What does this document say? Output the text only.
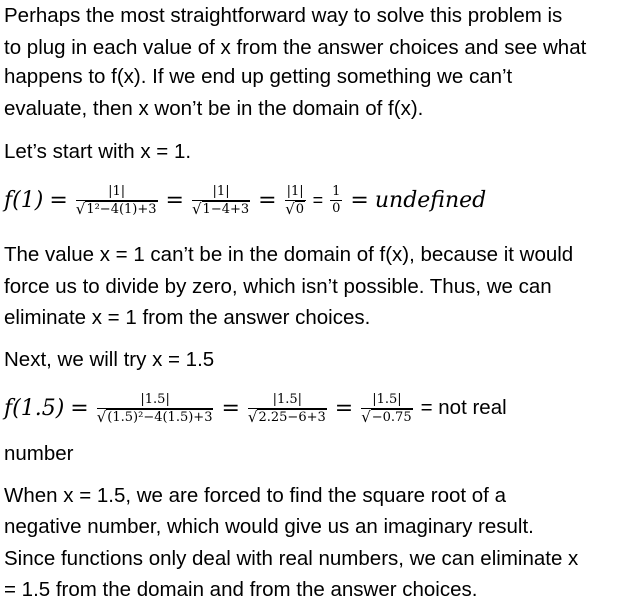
Perhaps the most straightforward way to solve this problem is
to plug in each value of x from the answer choices and see what
happens to f(x). If we end up getting something we can’t
evaluate, then x won’t be in the domain of f(x).
Let’s start with x = 1.
$f(1) = \frac{|1|}{\text{√ 1²−4(1)+3}} = \frac{|1|}{√ 1-4+3} = \frac{|1|}{√ 0} = \frac{1}{0}$ = undefined
The value x = 1 can’t be in the domain of f(x), because it would
force us to divide by zero, which isn’t possible. Thus, we can
eliminate x = 1 from the answer choices.
Next, we will try x = 1.5
$f(1.5) = \frac{|1.5|}{\text{√ (1.5)²−4(1.5)+3}} = \frac{|1.5|}{√ 2.25-6+3} = \frac{|1.5|}{√ -0.75}$ = not real
number
When x = 1.5, we are forced to find the square root of a
negative number, which would give us an imaginary result.
Since functions only deal with real numbers, we can eliminate x
= 1.5 from the domain and from the answer choices.
